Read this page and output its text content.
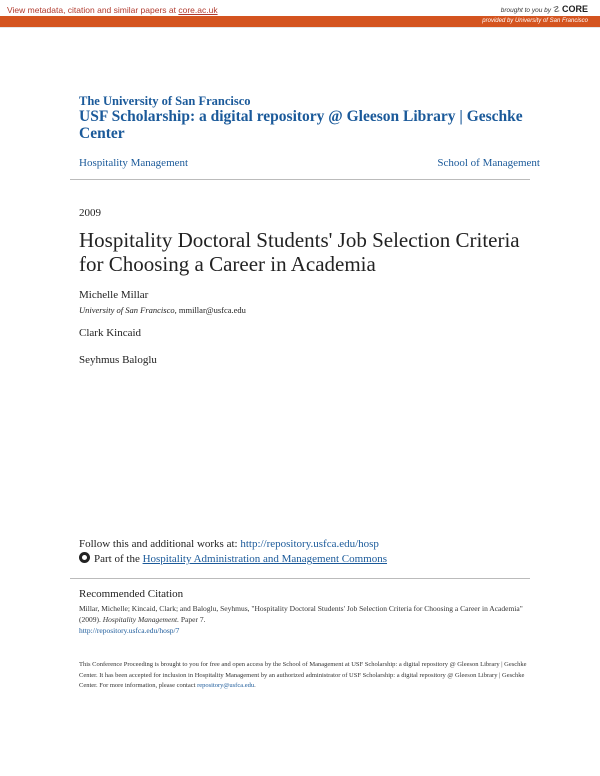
View metadata, citation and similar papers at core.ac.uk	brought to you by ☡ CORE
provided by University of San Francisco
The University of San Francisco
USF Scholarship: a digital repository @ Gleeson Library | Geschke Center
Hospitality Management	School of Management
2009
Hospitality Doctoral Students' Job Selection Criteria for Choosing a Career in Academia
Michelle Millar
University of San Francisco, mmillar@usfca.edu
Clark Kincaid
Seyhmus Baloglu
Follow this and additional works at: http://repository.usfca.edu/hosp
Part of the Hospitality Administration and Management Commons
Recommended Citation
Millar, Michelle; Kincaid, Clark; and Baloglu, Seyhmus, "Hospitality Doctoral Students' Job Selection Criteria for Choosing a Career in Academia" (2009). Hospitality Management. Paper 7.
http://repository.usfca.edu/hosp/7
This Conference Proceeding is brought to you for free and open access by the School of Management at USF Scholarship: a digital repository @ Gleeson Library | Geschke Center. It has been accepted for inclusion in Hospitality Management by an authorized administrator of USF Scholarship: a digital repository @ Gleeson Library | Geschke Center. For more information, please contact repository@usfca.edu.
